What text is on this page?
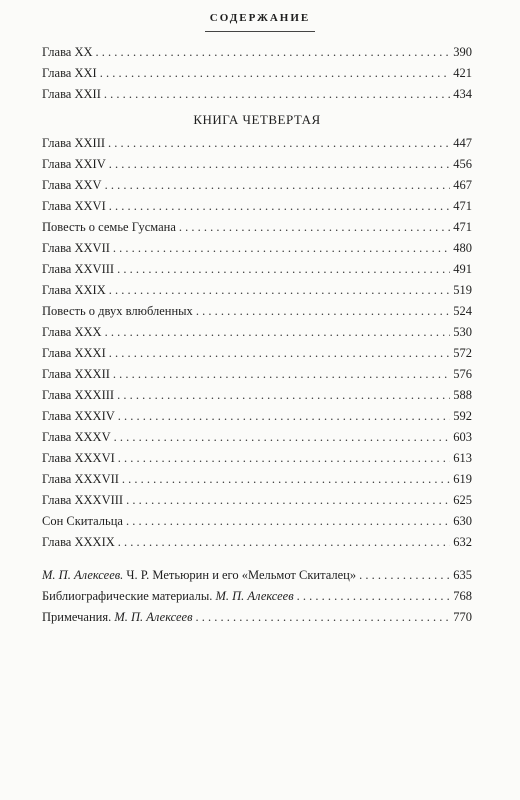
СОДЕРЖАНИЕ
Глава XX . . .	390
Глава XXI . . .	421
Глава XXII . . .	434
КНИГА ЧЕТВЕРТАЯ
Глава XXIII . . .	447
Глава XXIV . . .	456
Глава XXV . . .	467
Глава XXVI . . .	471
Повесть о семье Гусмана . . .	471
Глава XXVII . . .	480
Глава XXVIII . . .	491
Глава XXIX . . .	519
Повесть о двух влюбленных . . .	524
Глава XXX . . .	530
Глава XXXI . . .	572
Глава XXXII . . .	576
Глава XXXIII . . .	588
Глава XXXIV . . .	592
Глава XXXV . . .	603
Глава XXXVI . . .	613
Глава XXXVII . . .	619
Глава XXXVIII . . .	625
Сон Скитальца . . .	630
Глава XXXIX . . .	632
М. П. Алексеев. Ч. Р. Метьюрин и его «Мельмот Скиталец» . . .	635
Библиографические материалы. М. П. Алексеев . . .	768
Примечания. М. П. Алексеев . . .	770
